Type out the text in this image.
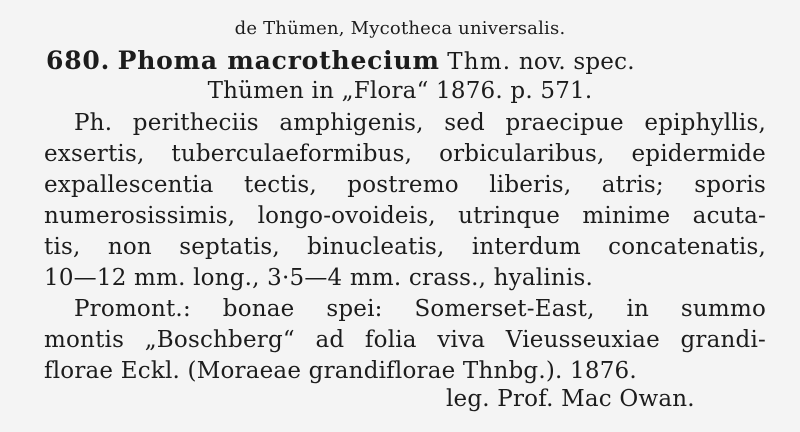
de Thümen, Mycotheca universalis.
680. Phoma macrothecium Thm. nov. spec.
Thümen in „Flora“ 1876. p. 571.
Ph. peritheciis amphigenis, sed praecipue epiphyllis,
exsertis, tuberculaeformibus, orbicularibus, epidermide
expallescentia tectis, postremo liberis, atris; sporis
numerosissimis, longo-ovoideis, utrinque minime acuta-
tis, non septatis, binucleatis, interdum concatenatis,
10—12 mm. long., 3·5—4 mm. crass., hyalinis.
Promont.: bonae spei: Somerset-East, in summo
montis „Boschberg“ ad folia viva Vieusseuxiae grandi-
florae Eckl. (Moraeae grandiflorae Thnbg.). 1876.
leg. Prof. Mac Owan.
